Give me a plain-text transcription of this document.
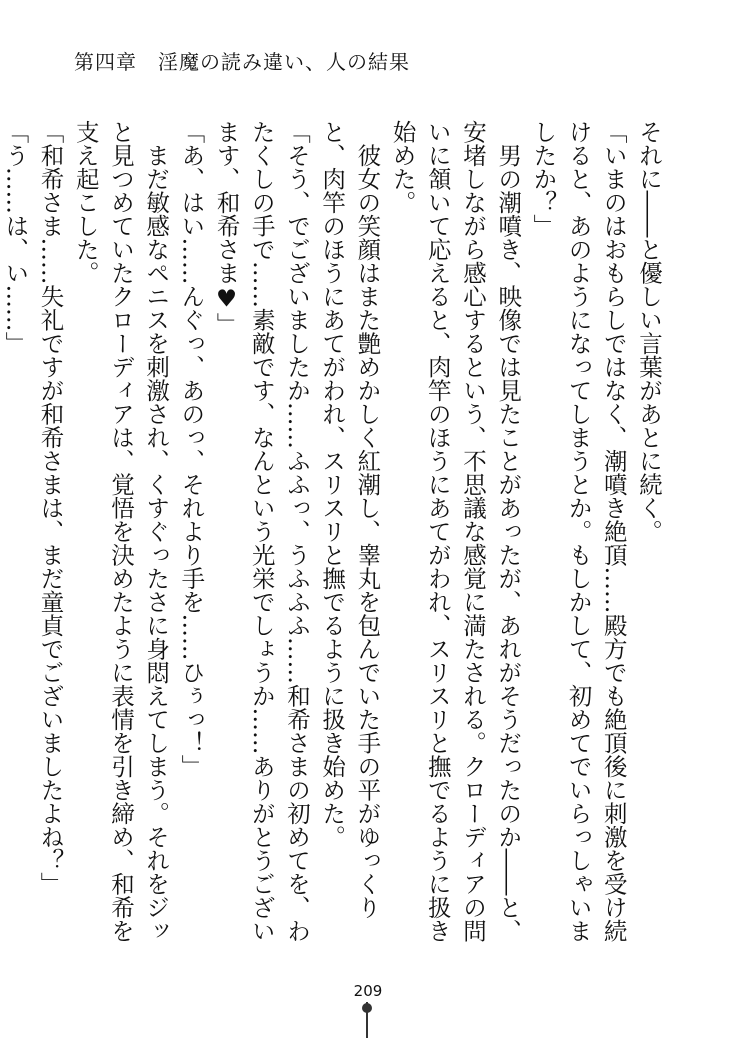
第四章　淫魔の読み違い、人の結果

それに――と優しい言葉があとに続く。

「いまのはおもらしではなく、潮噴き絶頂……殿方でも絶頂後に刺激を受け続けると、あのようになってしまうとか。もしかして、初めてでいらっしゃいましたか？」

　男の潮噴き、映像では見たことがあったが、あれがそうだったのか――と、安堵しながら感心するという、不思議な感覚に満たされる。クローディアの問いに頷いて応えると、肉竿のほうにあてがわれ、スリスリと撫でるように扱き始めた。

　彼女の笑顔はまた艶めかしく紅潮し、睾丸を包んでいた手の平がゆっくりと、肉竿のほうにあてがわれ、スリスリと撫でるように扱き始めた。

「そう、でございましたか……ふふっ、うふふふ……和希さまの初めてを、わたくしの手で……素敵です、なんという光栄でしょうか……ありがとうございます、和希さま♥」

「あ、はい……んぐっ、あのっ、それより手を……ひぅっ！」

　まだ敏感なペニスを刺激され、くすぐったさに身悶えてしまう。それをジッと見つめていたクローディアは、覚悟を決めたように表情を引き締め、和希を支え起こした。

「和希さま……失礼ですが和希さまは、まだ童貞でございましたよね？」

「う……は、い……」

209
